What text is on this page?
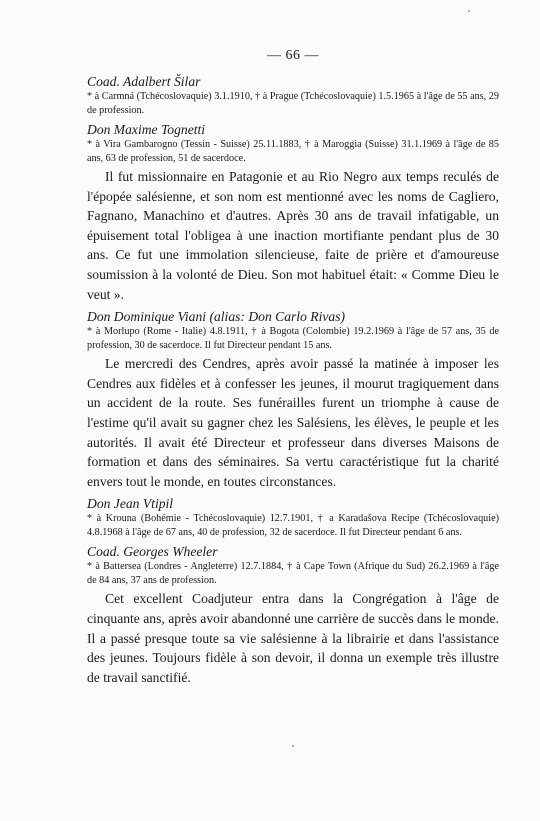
— 66 —

Coad. Adalbert Šilar

* à Carmná (Tchécoslovaquie) 3.1.1910, † à Prague (Tchécoslovaquie) 1.5.1965 à l'âge de 55 ans, 29 de profession.

Don Maxime Tognetti

* à Vira Gambarogno (Tessin - Suisse) 25.11.1883, † à Maroggia (Suisse) 31.1.1969 à l'âge de 85 ans, 63 de profession, 51 de sacerdoce.

Il fut missionnaire en Patagonie et au Rio Negro aux temps reculés de l'épopée salésienne, et son nom est mentionné avec les noms de Cagliero, Fagnano, Manachino et d'autres. Après 30 ans de travail infatigable, un épuisement total l'obligea à une inaction mortifiante pendant plus de 30 ans. Ce fut une immolation silencieuse, faite de prière et d'amoureuse soumission à la volonté de Dieu. Son mot habituel était: « Comme Dieu le veut ».

Don Dominique Viani (alias: Don Carlo Rivas)

* à Morlupo (Rome - Italie) 4.8.1911, † à Bogota (Colombie) 19.2.1969 à l'âge de 57 ans, 35 de profession, 30 de sacerdoce. Il fut Directeur pendant 15 ans.

Le mercredi des Cendres, après avoir passé la matinée à imposer les Cendres aux fidèles et à confesser les jeunes, il mourut tragiquement dans un accident de la route. Ses funérailles furent un triomphe à cause de l'estime qu'il avait su gagner chez les Salésiens, les élèves, le peuple et les autorités. Il avait été Directeur et professeur dans diverses Maisons de formation et dans des séminaires. Sa vertu caractéristique fut la charité envers tout le monde, en toutes circonstances.

Don Jean Vtipil

* à Krouna (Bohémie - Tchécoslovaquie) 12.7.1901, † a Karadašova Recipe (Tchécoslovaquie) 4.8.1968 à l'âge de 67 ans, 40 de profession, 32 de sacerdoce. Il fut Directeur pendant 6 ans.

Coad. Georges Wheeler

* à Battersea (Londres - Angleterre) 12.7.1884, † à Cape Town (Afrique du Sud) 26.2.1969 à l'âge de 84 ans, 37 ans de profession.

Cet excellent Coadjuteur entra dans la Congrégation à l'âge de cinquante ans, après avoir abandonné une carrière de succès dans le monde. Il a passé presque toute sa vie salésienne à la librairie et dans l'assistance des jeunes. Toujours fidèle à son devoir, il donna un exemple très illustre de travail sanctifié.
